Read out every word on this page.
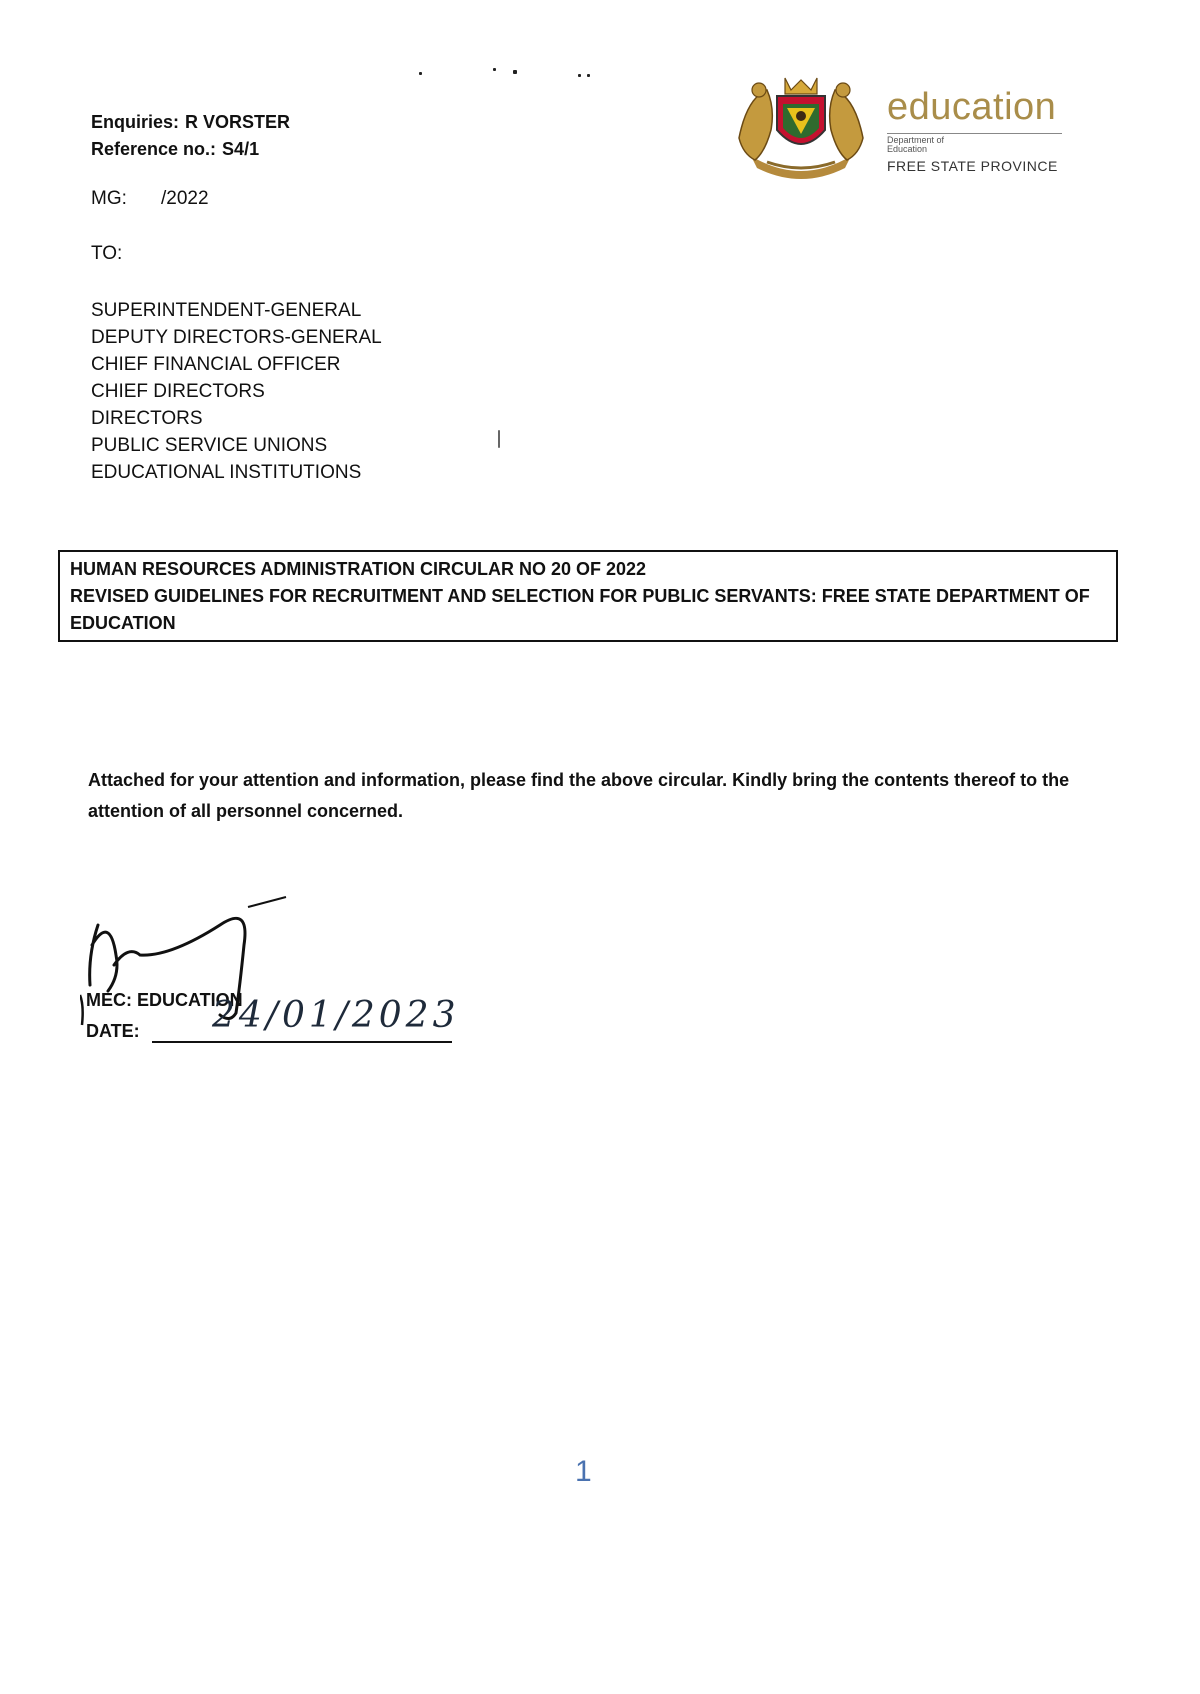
Enquiries: R VORSTER
Reference no.: S4/1
MG: /2022
TO:
SUPERINTENDENT-GENERAL
DEPUTY DIRECTORS-GENERAL
CHIEF FINANCIAL OFFICER
CHIEF DIRECTORS
DIRECTORS
PUBLIC SERVICE UNIONS
EDUCATIONAL INSTITUTIONS
education
Department of
Education
FREE STATE PROVINCE
HUMAN RESOURCES ADMINISTRATION CIRCULAR NO 20 OF 2022
REVISED GUIDELINES FOR RECRUITMENT AND SELECTION FOR PUBLIC SERVANTS: FREE STATE DEPARTMENT OF EDUCATION
Attached for your attention and information, please find the above circular. Kindly bring the contents thereof to the attention of all personnel concerned.
MEC: EDUCATION
DATE:	24/01/2023
1
